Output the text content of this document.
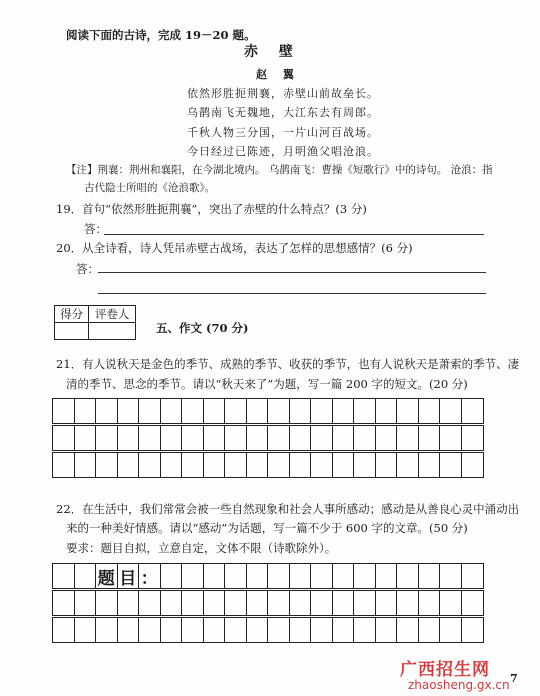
阅读下面的古诗，完成 19－20 题。
赤 壁
赵 翼
依然形胜扼荆襄，赤壁山前故垒长。
乌鹊南飞无魏地，大江东去有周郎。
千秋人物三分国，一片山河百战场。
今日经过已陈迹，月明渔父唱沧浪。
【注】荆襄：荆州和襄阳，在今湖北境内。 乌鹊南飞：曹操《短歌行》中的诗句。 沧浪：指
古代隐士所唱的《沧浪歌》。
19．首句“依然形胜扼荆襄”，突出了赤壁的什么特点？(3 分)
答：
20．从全诗看，诗人凭吊赤壁古战场，表达了怎样的思想感情？(6 分)
答：
得分	评卷人

五、作文 (70 分)
21．有人说秋天是金色的季节、成熟的季节、收获的季节，也有人说秋天是萧索的季节、凄
清的季节、思念的季节。请以“秋天来了”为题，写一篇 200 字的短文。(20 分)
22．在生活中，我们常常会被一些自然现象和社会人事所感动；感动是从善良心灵中涌动出
来的一种美好情感。请以“感动”为话题，写一篇不少于 600 字的文章。(50 分)
要求：题目自拟，立意自定，文体不限（诗歌除外）。
题 目 ：
7
广西招生网
zhaosheng.gx.cn
